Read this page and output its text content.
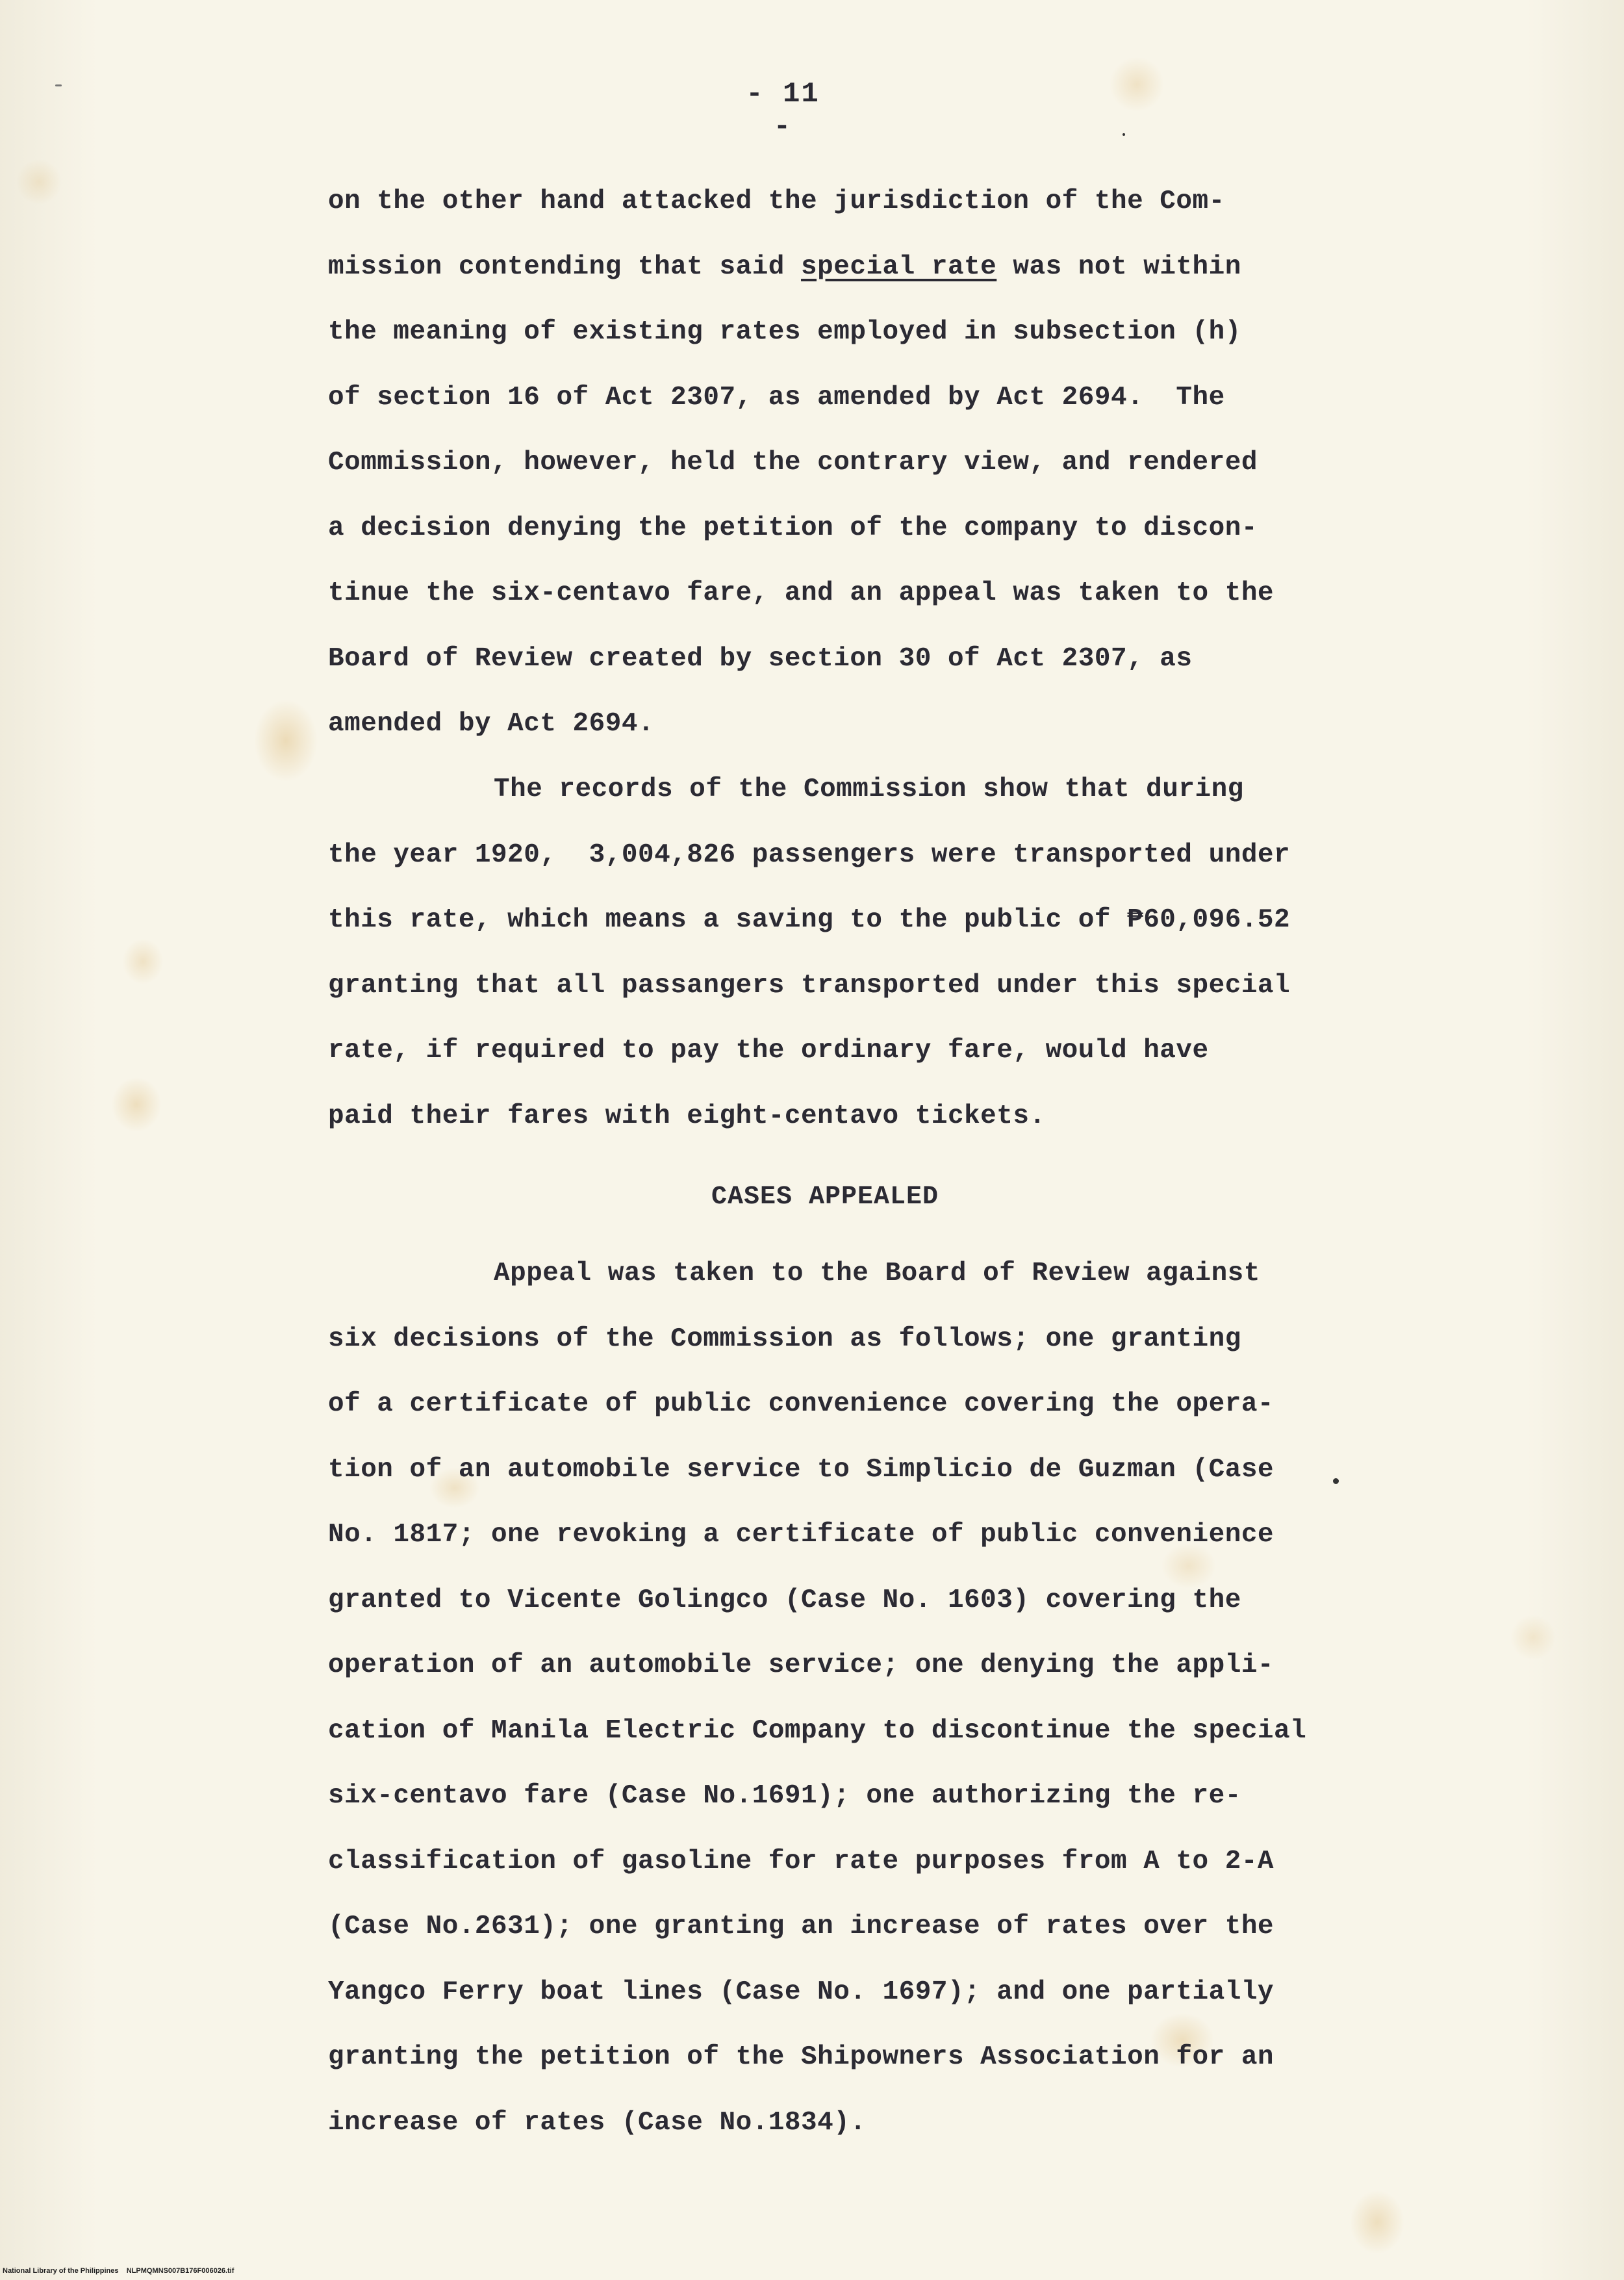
- 11 -
on the other hand attacked the jurisdiction of the Com-
mission contending that said special rate was not within
the meaning of existing rates employed in subsection (h)
of section 16 of Act 2307, as amended by Act 2694.  The
Commission, however, held the contrary view, and rendered
a decision denying the petition of the company to discon-
tinue the six-centavo fare, and an appeal was taken to the
Board of Review created by section 30 of Act 2307, as
amended by Act 2694.
The records of the Commission show that during
the year 1920,  3,004,826 passengers were transported under
this rate, which means a saving to the public of ₱60,096.52
granting that all passangers transported under this special
rate, if required to pay the ordinary fare, would have
paid their fares with eight-centavo tickets.
CASES APPEALED
Appeal was taken to the Board of Review against
six decisions of the Commission as follows; one granting
of a certificate of public convenience covering the opera-
tion of an automobile service to Simplicio de Guzman (Case
No. 1817; one revoking a certificate of public convenience
granted to Vicente Golingco (Case No. 1603) covering the
operation of an automobile service; one denying the appli-
cation of Manila Electric Company to discontinue the special
six-centavo fare (Case No.1691); one authorizing the re-
classification of gasoline for rate purposes from A to 2-A
(Case No.2631); one granting an increase of rates over the
Yangco Ferry boat lines (Case No. 1697); and one partially
granting the petition of the Shipowners Association for an
increase of rates (Case No.1834).
National Library of the Philippines NLPMQMNS007B176F006026.tif
